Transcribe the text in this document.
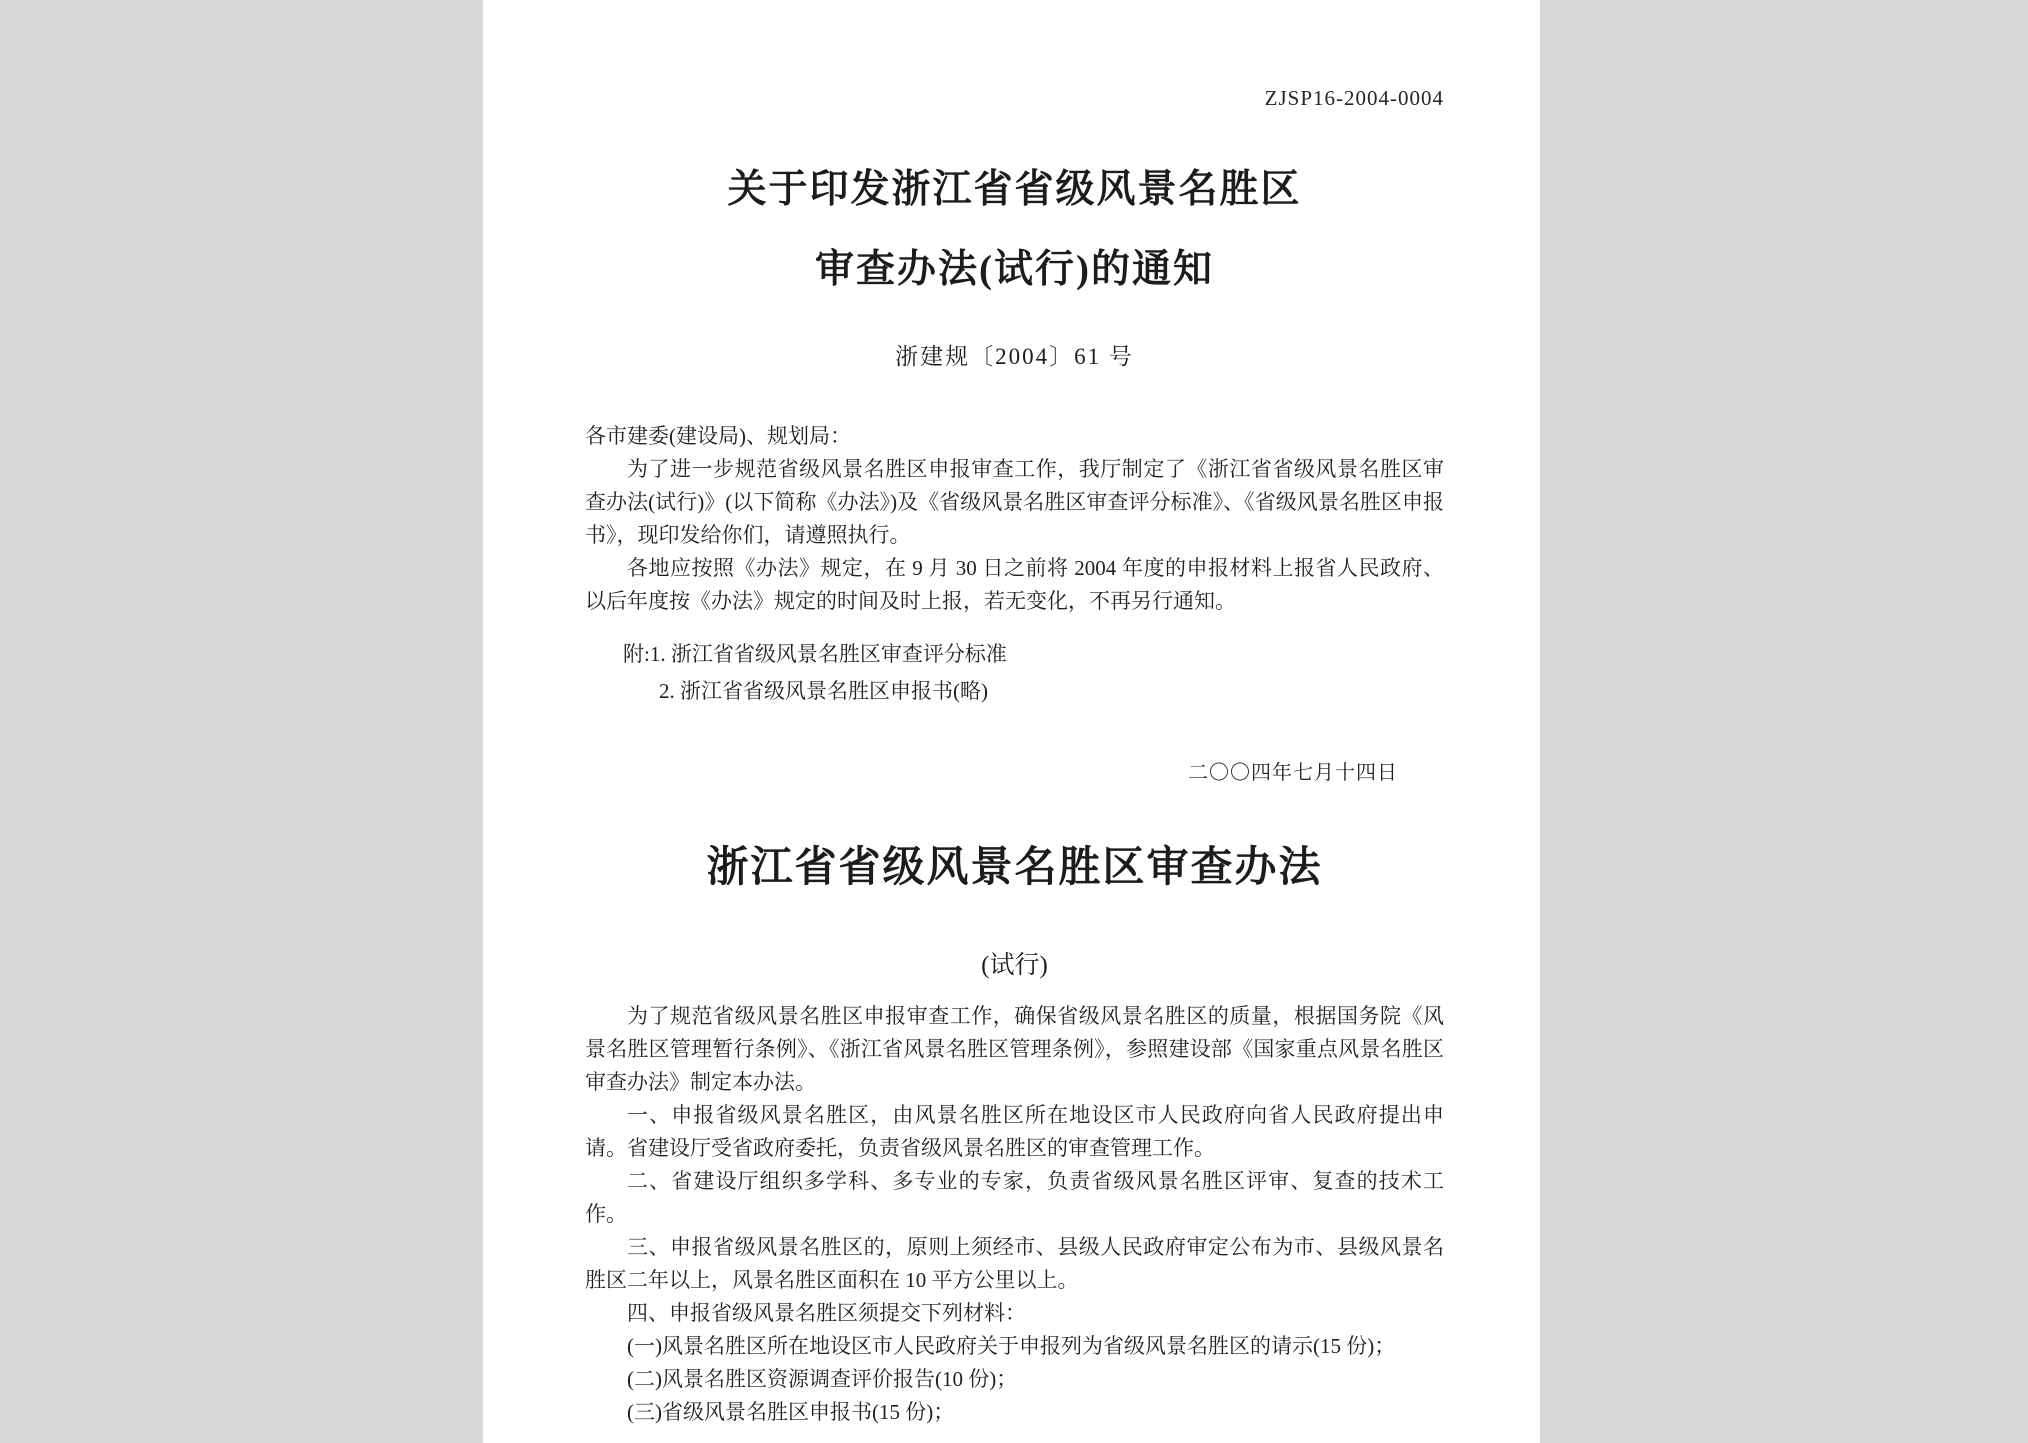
ZJSP16-2004-0004
关于印发浙江省省级风景名胜区
审查办法(试行)的通知
浙建规〔2004〕61 号
各市建委(建设局)、规划局：
为了进一步规范省级风景名胜区申报审查工作，我厅制定了《浙江省省级风景名胜区审查办法(试行)》(以下简称《办法》)及《省级风景名胜区审查评分标准》、《省级风景名胜区申报书》，现印发给你们，请遵照执行。
各地应按照《办法》规定，在 9 月 30 日之前将 2004 年度的申报材料上报省人民政府、以后年度按《办法》规定的时间及时上报，若无变化，不再另行通知。
附:1. 浙江省省级风景名胜区审查评分标准
2. 浙江省省级风景名胜区申报书(略)
二〇〇四年七月十四日
浙江省省级风景名胜区审查办法
(试行)
为了规范省级风景名胜区申报审查工作，确保省级风景名胜区的质量，根据国务院《风景名胜区管理暂行条例》、《浙江省风景名胜区管理条例》，参照建设部《国家重点风景名胜区审查办法》制定本办法。
一、申报省级风景名胜区，由风景名胜区所在地设区市人民政府向省人民政府提出申请。省建设厅受省政府委托，负责省级风景名胜区的审查管理工作。
二、省建设厅组织多学科、多专业的专家，负责省级风景名胜区评审、复查的技术工作。
三、申报省级风景名胜区的，原则上须经市、县级人民政府审定公布为市、县级风景名胜区二年以上，风景名胜区面积在 10 平方公里以上。
四、申报省级风景名胜区须提交下列材料：
(一)风景名胜区所在地设区市人民政府关于申报列为省级风景名胜区的请示(15 份)；
(二)风景名胜区资源调查评价报告(10 份)；
(三)省级风景名胜区申报书(15 份)；
